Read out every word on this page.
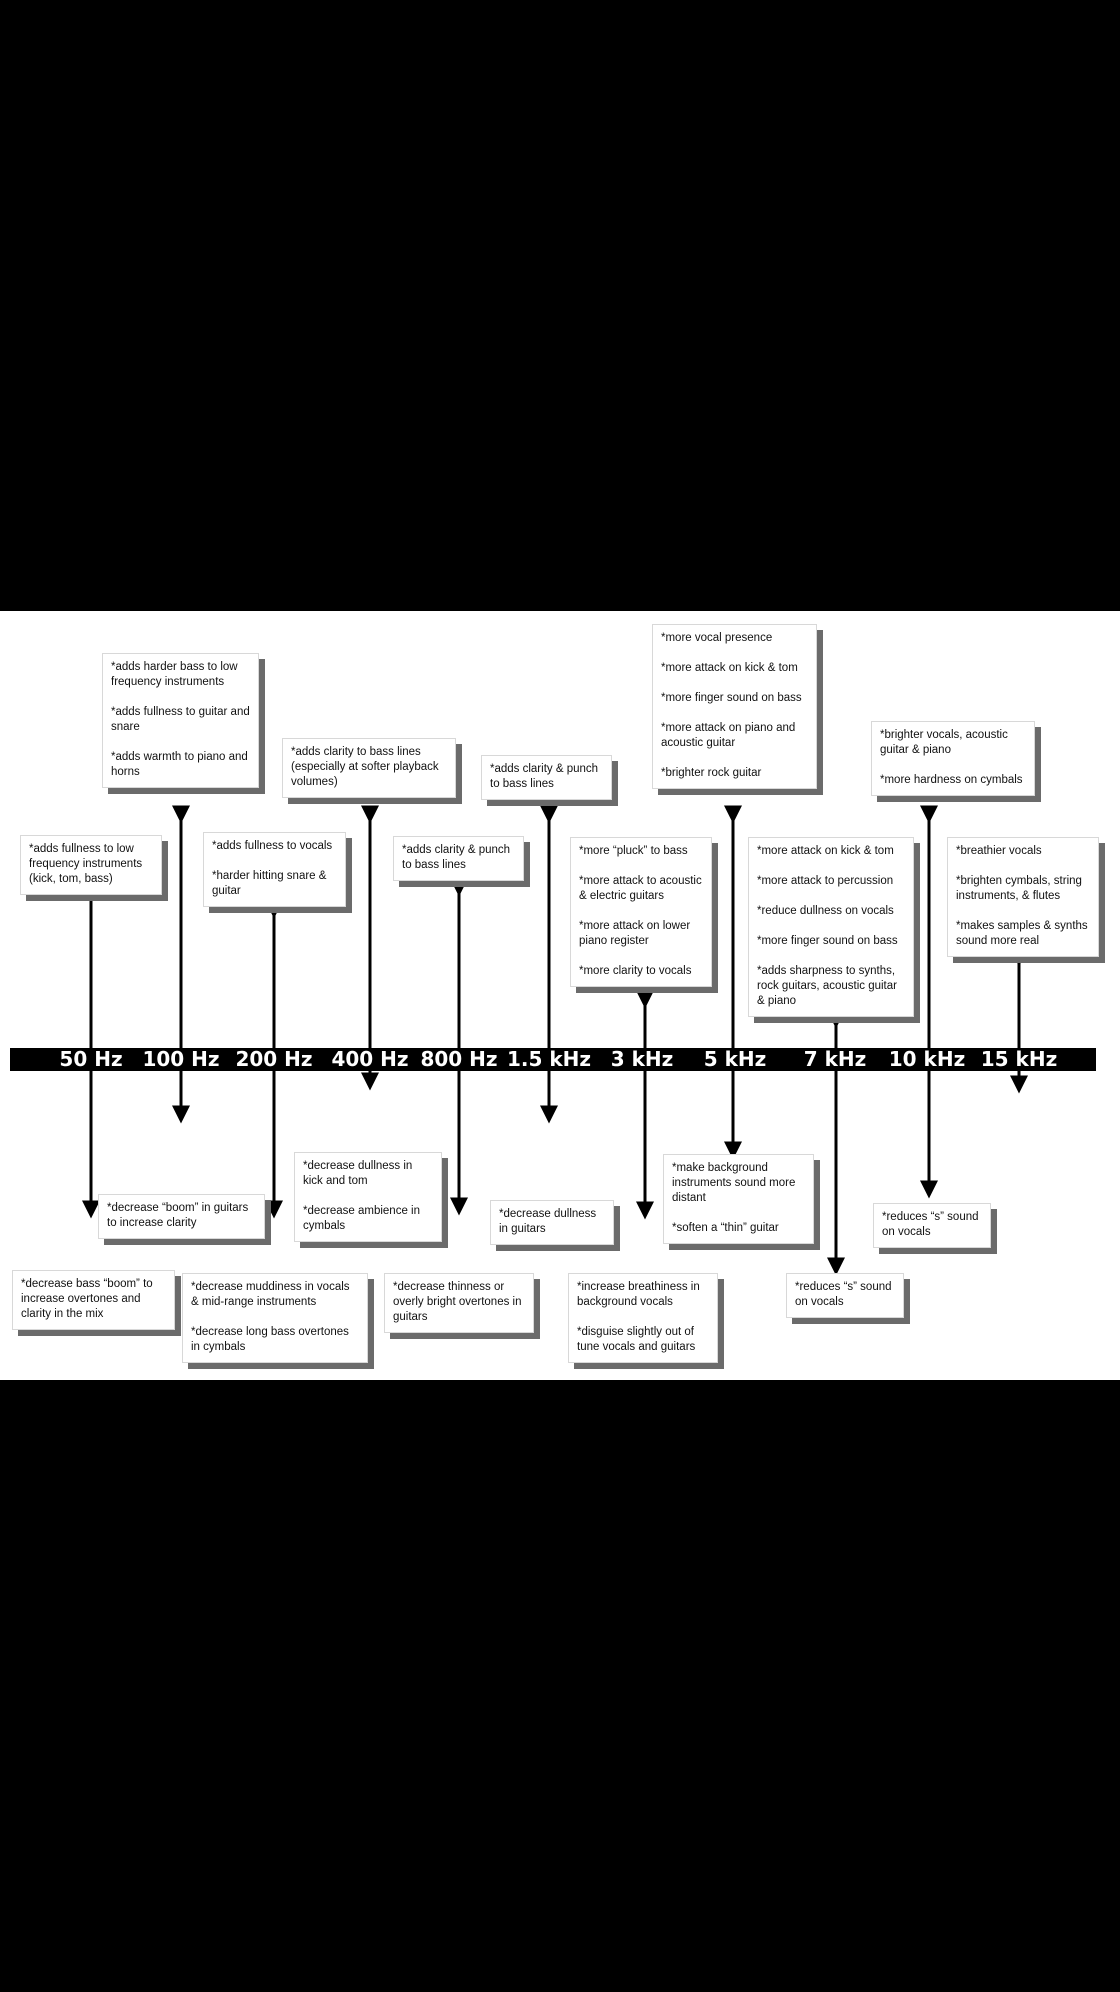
50 Hz 100 Hz 200 Hz 400 Hz 800 Hz 1.5 kHz 3 kHz 5 kHz 7 kHz 10 kHz 15 kHz

*adds fullness to low frequency instruments (kick, tom, bass)

*adds harder bass to low frequency instruments

*adds fullness to guitar and snare

*adds warmth to piano and horns

*adds fullness to vocals

*harder hitting snare & guitar

*adds clarity to bass lines (especially at softer playback volumes)

*adds clarity & punch to bass lines

*adds clarity & punch to bass lines

*more “pluck” to bass

*more attack to acoustic & electric guitars

*more attack on lower piano register

*more clarity to vocals

*more vocal presence

*more attack on kick & tom

*more finger sound on bass

*more attack on piano and acoustic guitar

*brighter rock guitar

*more attack on kick & tom

*more attack to percussion

*reduce dullness on vocals

*more finger sound on bass

*adds sharpness to synths, rock guitars, acoustic guitar & piano

*brighter vocals, acoustic guitar & piano

*more hardness on cymbals

*breathier vocals

*brighten cymbals, string instruments, & flutes

*makes samples & synths sound more real

*decrease bass “boom” to increase overtones and clarity in the mix

*decrease “boom” in guitars to increase clarity

*decrease muddiness in vocals & mid-range instruments

*decrease long bass overtones in cymbals

*decrease dullness in kick and tom

*decrease ambience in cymbals

*decrease thinness or overly bright overtones in guitars

*decrease dullness in guitars

*increase breathiness in background vocals

*disguise slightly out of tune vocals and guitars

*make background instruments sound more distant

*soften a “thin” guitar

*reduces “s” sound on vocals

*reduces “s” sound on vocals
